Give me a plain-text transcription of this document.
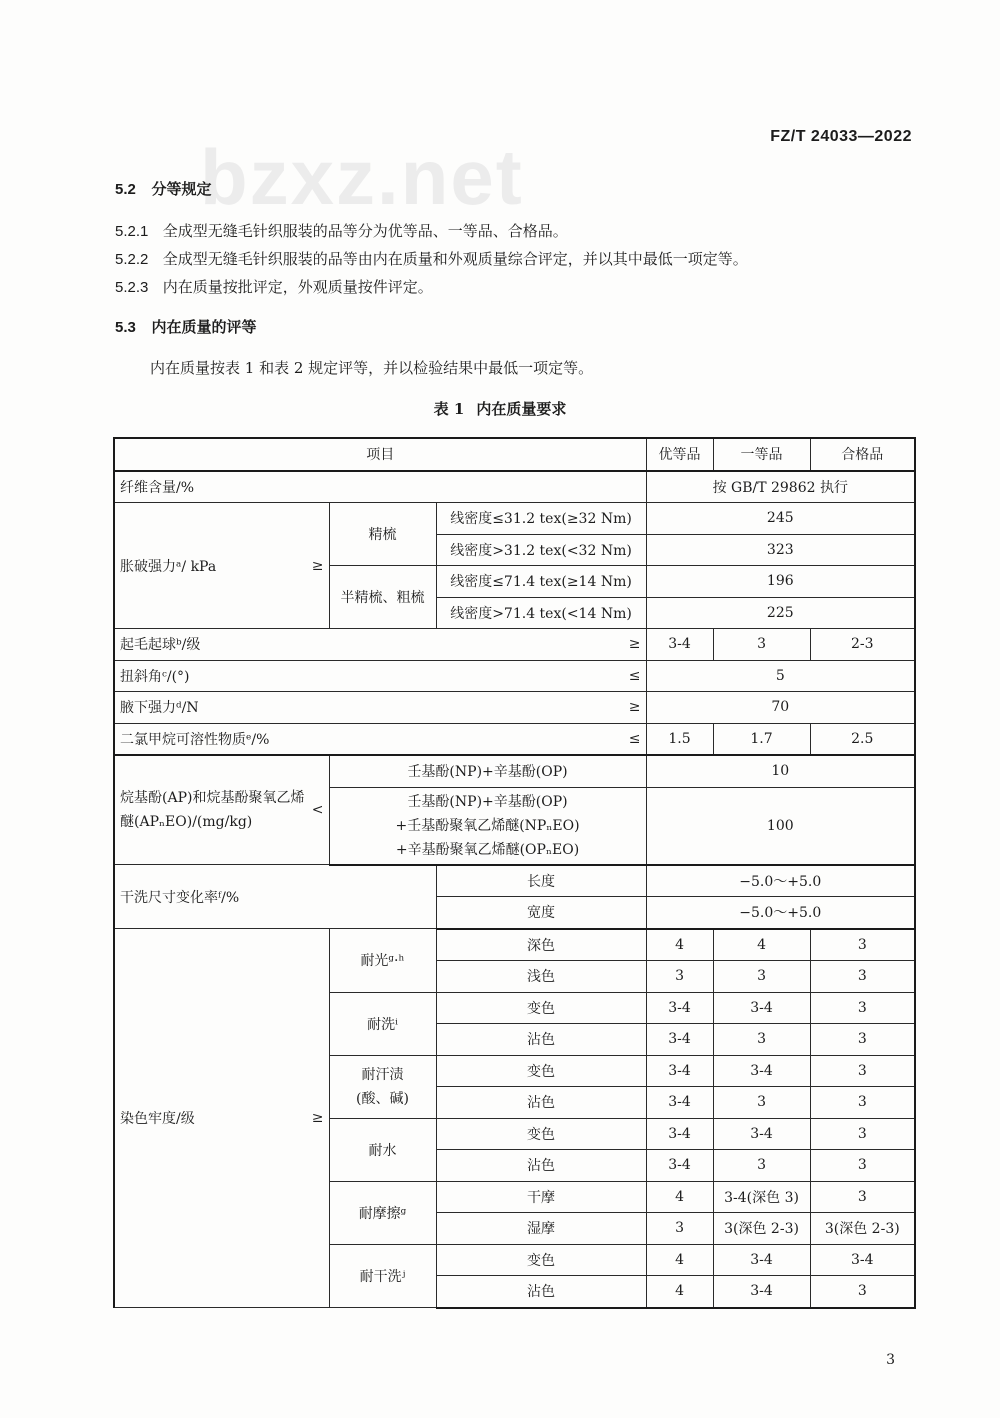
bzxz.net	FZ/T 24033—2022
5.2 分等规定
5.2.1 全成型无缝毛针织服装的品等分为优等品、一等品、合格品。
5.2.2 全成型无缝毛针织服装的品等由内在质量和外观质量综合评定，并以其中最低一项定等。
5.2.3 内在质量按批评定，外观质量按件评定。
5.3 内在质量的评等
内在质量按表 1 和表 2 规定评等，并以检验结果中最低一项定等。
表 1 内在质量要求
项目			优等品	一等品	合格品
纤维含量/%			按 GB/T 29862 执行		

胀破强力ᵃ/ kPa ≥	精梳	线密度≤31.2 tex(≥32 Nm)	245		
		线密度>31.2 tex(<32 Nm)	323		
	半精梳、粗梳	线密度≤71.4 tex(≥14 Nm)	196		
		线密度>71.4 tex(<14 Nm)	225		

起毛起球ᵇ/级 ≥			3-4	3	2-3

扭斜角ᶜ/(°) ≤			5		

腋下强力ᵈ/N ≥			70		

二氯甲烷可溶性物质ᵉ/% ≤			1.5	1.7	2.5

烷基酚(AP)和烷基酚聚氧乙烯
醚(APₙEO)/(mg/kg)
<	壬基酚(NP)+辛基酚(OP)		10		

	壬基酚(NP)+辛基酚(OP)
+壬基酚聚氧乙烯醚(NPₙEO)
+辛基酚聚氧乙烯醚(OPₙEO)		100		
干洗尺寸变化率ᶠ/%		长度	−5.0～+5.0		
		宽度	−5.0～+5.0		

染色牢度/级 ≥	耐光ᵍ·ʰ	深色	4	4	3
		浅色	3	3	3
	耐洗ⁱ	变色	3-4	3-4	3
		沾色	3-4	3	3

	耐汗渍
(酸、碱)	变色	3-4	3-4	3
		沾色	3-4	3	3
	耐水	变色	3-4	3-4	3
		沾色	3-4	3	3
	耐摩擦ᵍ	干摩	4	3-4(深色 3)	3
		湿摩	3	3(深色 2-3)	3(深色 2-3)
	耐干洗ʲ	变色	4	3-4	3-4
		沾色	4	3-4	3
3
